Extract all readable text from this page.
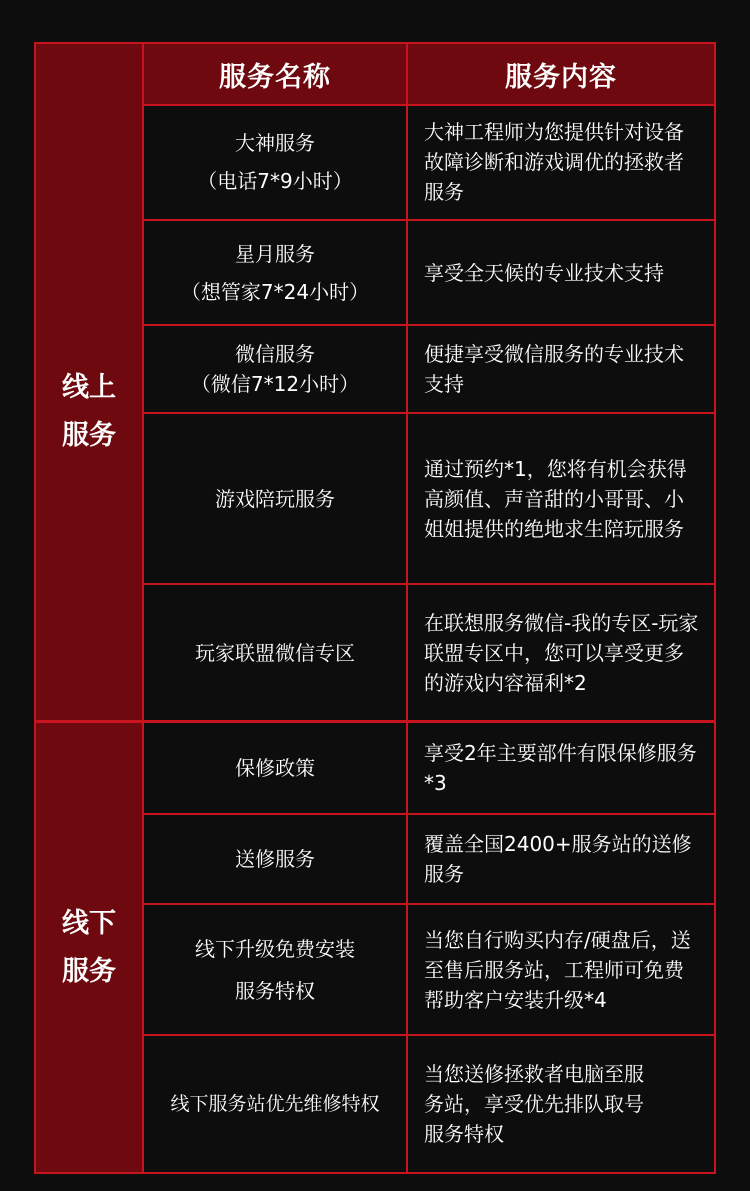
服务名称	服务内容
线上服务
线下服务
大神服务
（电话7*9小时）
大神工程师为您提供针对设备故障诊断和游戏调优的拯救者服务
星月服务
（想管家7*24小时）
享受全天候的专业技术支持
微信服务
（微信7*12小时）
便捷享受微信服务的专业技术支持
游戏陪玩服务
通过预约*1，您将有机会获得高颜值、声音甜的小哥哥、小姐姐提供的绝地求生陪玩服务
玩家联盟微信专区
在联想服务微信-我的专区-玩家联盟专区中，您可以享受更多的游戏内容福利*2
保修政策
享受2年主要部件有限保修服务*3
送修服务
覆盖全国2400+服务站的送修服务
线下升级免费安装
服务特权
当您自行购买内存/硬盘后，送至售后服务站，工程师可免费帮助客户安装升级*4
线下服务站优先维修特权
当您送修拯救者电脑至服务站，享受优先排队取号服务特权
